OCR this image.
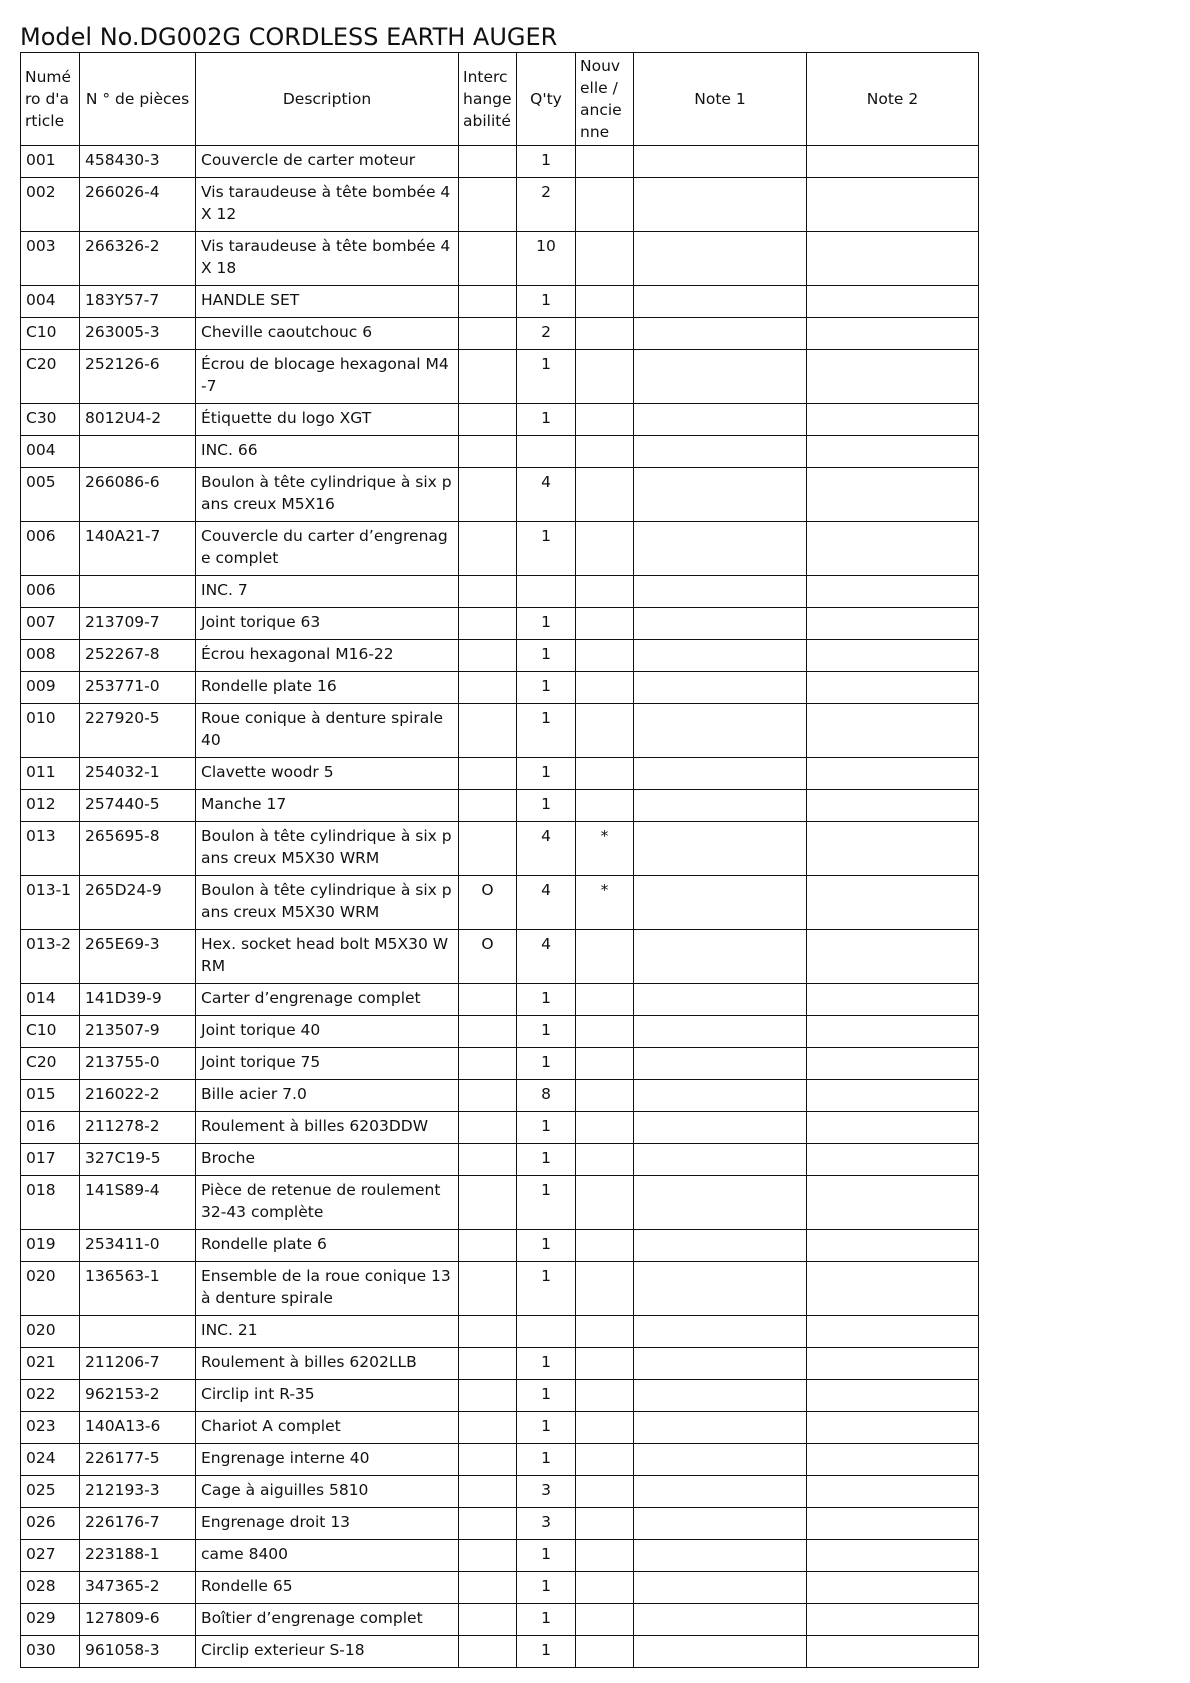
Model No.DG002G CORDLESS EARTH AUGER
Numéro d'article	N ° de pièces	Description	Interchangeabilité	Q'ty	Nouvelle / ancienne	Note 1	Note 2
001	458430-3	Couvercle de carter moteur		1			
002	266026-4	Vis taraudeuse à tête bombée 4X 12		2			
003	266326-2	Vis taraudeuse à tête bombée 4X 18		10			
004	183Y57-7	HANDLE SET		1			
C10	263005-3	Cheville caoutchouc 6		2			
C20	252126-6	Écrou de blocage hexagonal M4-7		1			
C30	8012U4-2	Étiquette du logo XGT		1			
004		INC. 66					
005	266086-6	Boulon à tête cylindrique à six pans creux M5X16		4			
006	140A21-7	Couvercle du carter d’engrenage complet		1			
006		INC. 7					
007	213709-7	Joint torique 63		1			
008	252267-8	Écrou hexagonal M16-22		1			
009	253771-0	Rondelle plate 16		1			
010	227920-5	Roue conique à denture spirale 40		1			
011	254032-1	Clavette woodr 5		1			
012	257440-5	Manche 17		1			
013	265695-8	Boulon à tête cylindrique à six pans creux M5X30 WRM		4	*		
013-1	265D24-9	Boulon à tête cylindrique à six pans creux M5X30 WRM	O	4	*		
013-2	265E69-3	Hex. socket head bolt M5X30 WRM	O	4			
014	141D39-9	Carter d’engrenage complet		1			
C10	213507-9	Joint torique 40		1			
C20	213755-0	Joint torique 75		1			
015	216022-2	Bille acier 7.0		8			
016	211278-2	Roulement à billes 6203DDW		1			
017	327C19-5	Broche		1			
018	141S89-4	Pièce de retenue de roulement 32-43 complète		1			
019	253411-0	Rondelle plate 6		1			
020	136563-1	Ensemble de la roue conique 13 à denture spirale		1			
020		INC. 21					
021	211206-7	Roulement à billes 6202LLB		1			
022	962153-2	Circlip int R-35		1			
023	140A13-6	Chariot A complet		1			
024	226177-5	Engrenage interne 40		1			
025	212193-3	Cage à aiguilles 5810		3			
026	226176-7	Engrenage droit 13		3			
027	223188-1	came 8400		1			
028	347365-2	Rondelle 65		1			
029	127809-6	Boîtier d’engrenage complet		1			
030	961058-3	Circlip exterieur S-18		1			
